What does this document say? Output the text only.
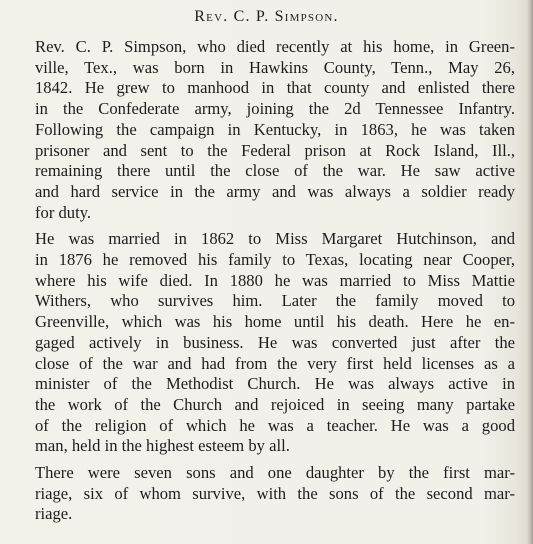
Rev. C. P. Simpson.
Rev. C. P. Simpson, who died recently at his home, in Green-
ville, Tex., was born in Hawkins County, Tenn., May 26,
1842. He grew to manhood in that county and enlisted there
in the Confederate army, joining the 2d Tennessee Infantry.
Following the campaign in Kentucky, in 1863, he was taken
prisoner and sent to the Federal prison at Rock Island, Ill.,
remaining there until the close of the war. He saw active
and hard service in the army and was always a soldier ready
for duty.
He was married in 1862 to Miss Margaret Hutchinson, and
in 1876 he removed his family to Texas, locating near Cooper,
where his wife died. In 1880 he was married to Miss Mattie
Withers, who survives him. Later the family moved to
Greenville, which was his home until his death. Here he en-
gaged actively in business. He was converted just after the
close of the war and had from the very first held licenses as a
minister of the Methodist Church. He was always active in
the work of the Church and rejoiced in seeing many partake
of the religion of which he was a teacher. He was a good
man, held in the highest esteem by all.
There were seven sons and one daughter by the first mar-
riage, six of whom survive, with the sons of the second mar-
riage.
